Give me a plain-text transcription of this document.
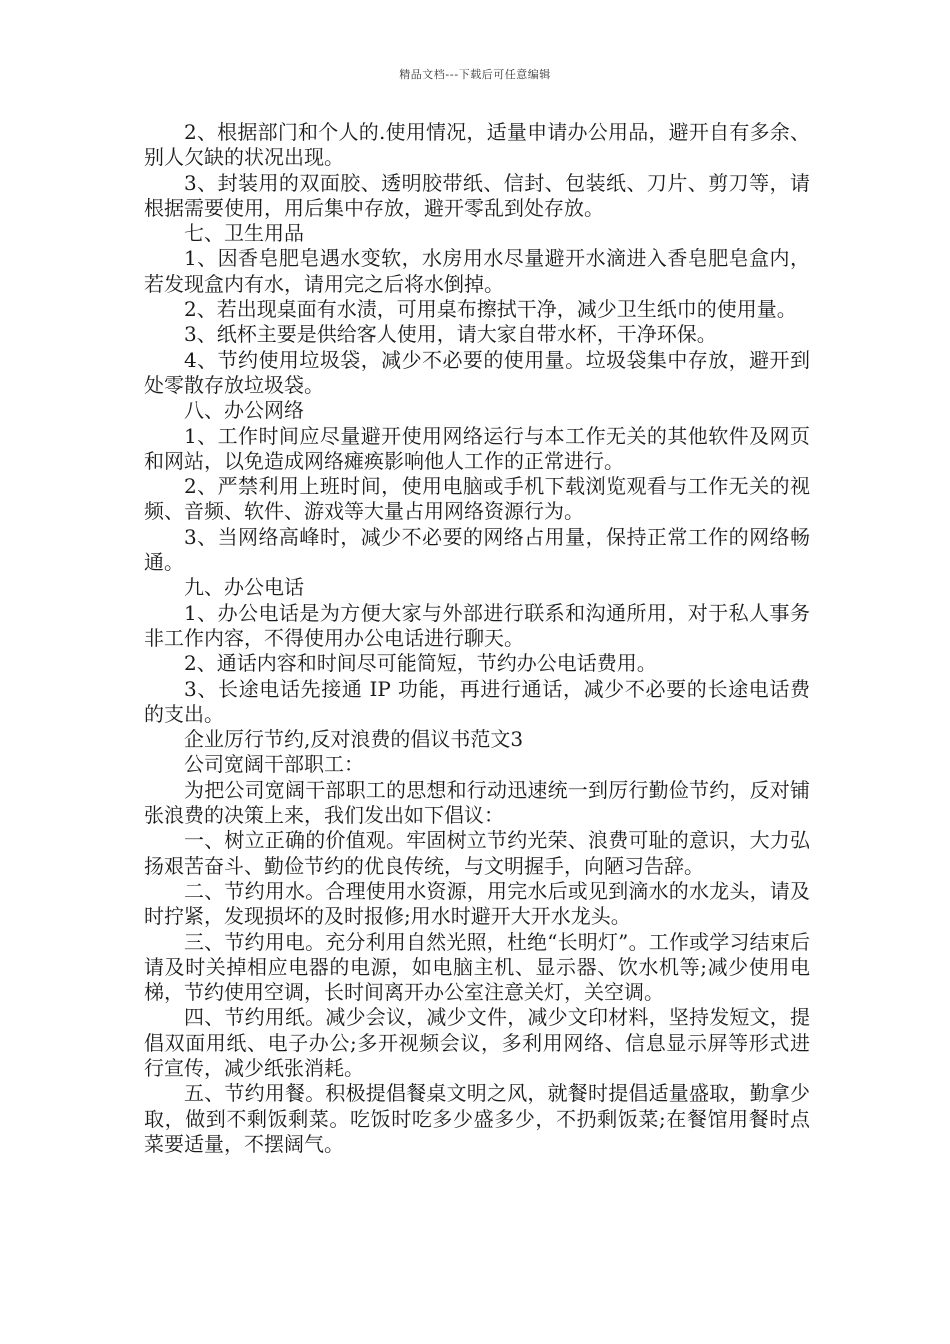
精品文档---下载后可任意编辑

2、根据部门和个人的.使用情况，适量申请办公用品，避开自有多余、别人欠缺的状况出现。

3、封装用的双面胶、透明胶带纸、信封、包装纸、刀片、剪刀等，请根据需要使用，用后集中存放，避开零乱到处存放。

七、卫生用品

1、因香皂肥皂遇水变软，水房用水尽量避开水滴进入香皂肥皂盒内，若发现盒内有水，请用完之后将水倒掉。

2、若出现桌面有水渍，可用桌布擦拭干净，减少卫生纸巾的使用量。

3、纸杯主要是供给客人使用，请大家自带水杯，干净环保。

4、节约使用垃圾袋，减少不必要的使用量。垃圾袋集中存放，避开到处零散存放垃圾袋。

八、办公网络

1、工作时间应尽量避开使用网络运行与本工作无关的其他软件及网页和网站，以免造成网络瘫痪影响他人工作的正常进行。

2、严禁利用上班时间，使用电脑或手机下载浏览观看与工作无关的视频、音频、软件、游戏等大量占用网络资源行为。

3、当网络高峰时，减少不必要的网络占用量，保持正常工作的网络畅通。

九、办公电话

1、办公电话是为方便大家与外部进行联系和沟通所用，对于私人事务非工作内容，不得使用办公电话进行聊天。

2、通话内容和时间尽可能简短，节约办公电话费用。

3、长途电话先接通 IP 功能，再进行通话，减少不必要的长途电话费的支出。

企业厉行节约,反对浪费的倡议书范文3

公司宽阔干部职工：

为把公司宽阔干部职工的思想和行动迅速统一到厉行勤俭节约，反对铺张浪费的决策上来，我们发出如下倡议：

一、树立正确的价值观。牢固树立节约光荣、浪费可耻的意识，大力弘扬艰苦奋斗、勤俭节约的优良传统，与文明握手，向陋习告辞。

二、节约用水。合理使用水资源，用完水后或见到滴水的水龙头，请及时拧紧，发现损坏的及时报修;用水时避开大开水龙头。

三、节约用电。充分利用自然光照，杜绝“长明灯”。工作或学习结束后请及时关掉相应电器的电源，如电脑主机、显示器、饮水机等;减少使用电梯，节约使用空调，长时间离开办公室注意关灯，关空调。

四、节约用纸。减少会议，减少文件，减少文印材料，坚持发短文，提倡双面用纸、电子办公;多开视频会议，多利用网络、信息显示屏等形式进行宣传，减少纸张消耗。

五、节约用餐。积极提倡餐桌文明之风，就餐时提倡适量盛取，勤拿少取，做到不剩饭剩菜。吃饭时吃多少盛多少，不扔剩饭菜;在餐馆用餐时点菜要适量，不摆阔气。
